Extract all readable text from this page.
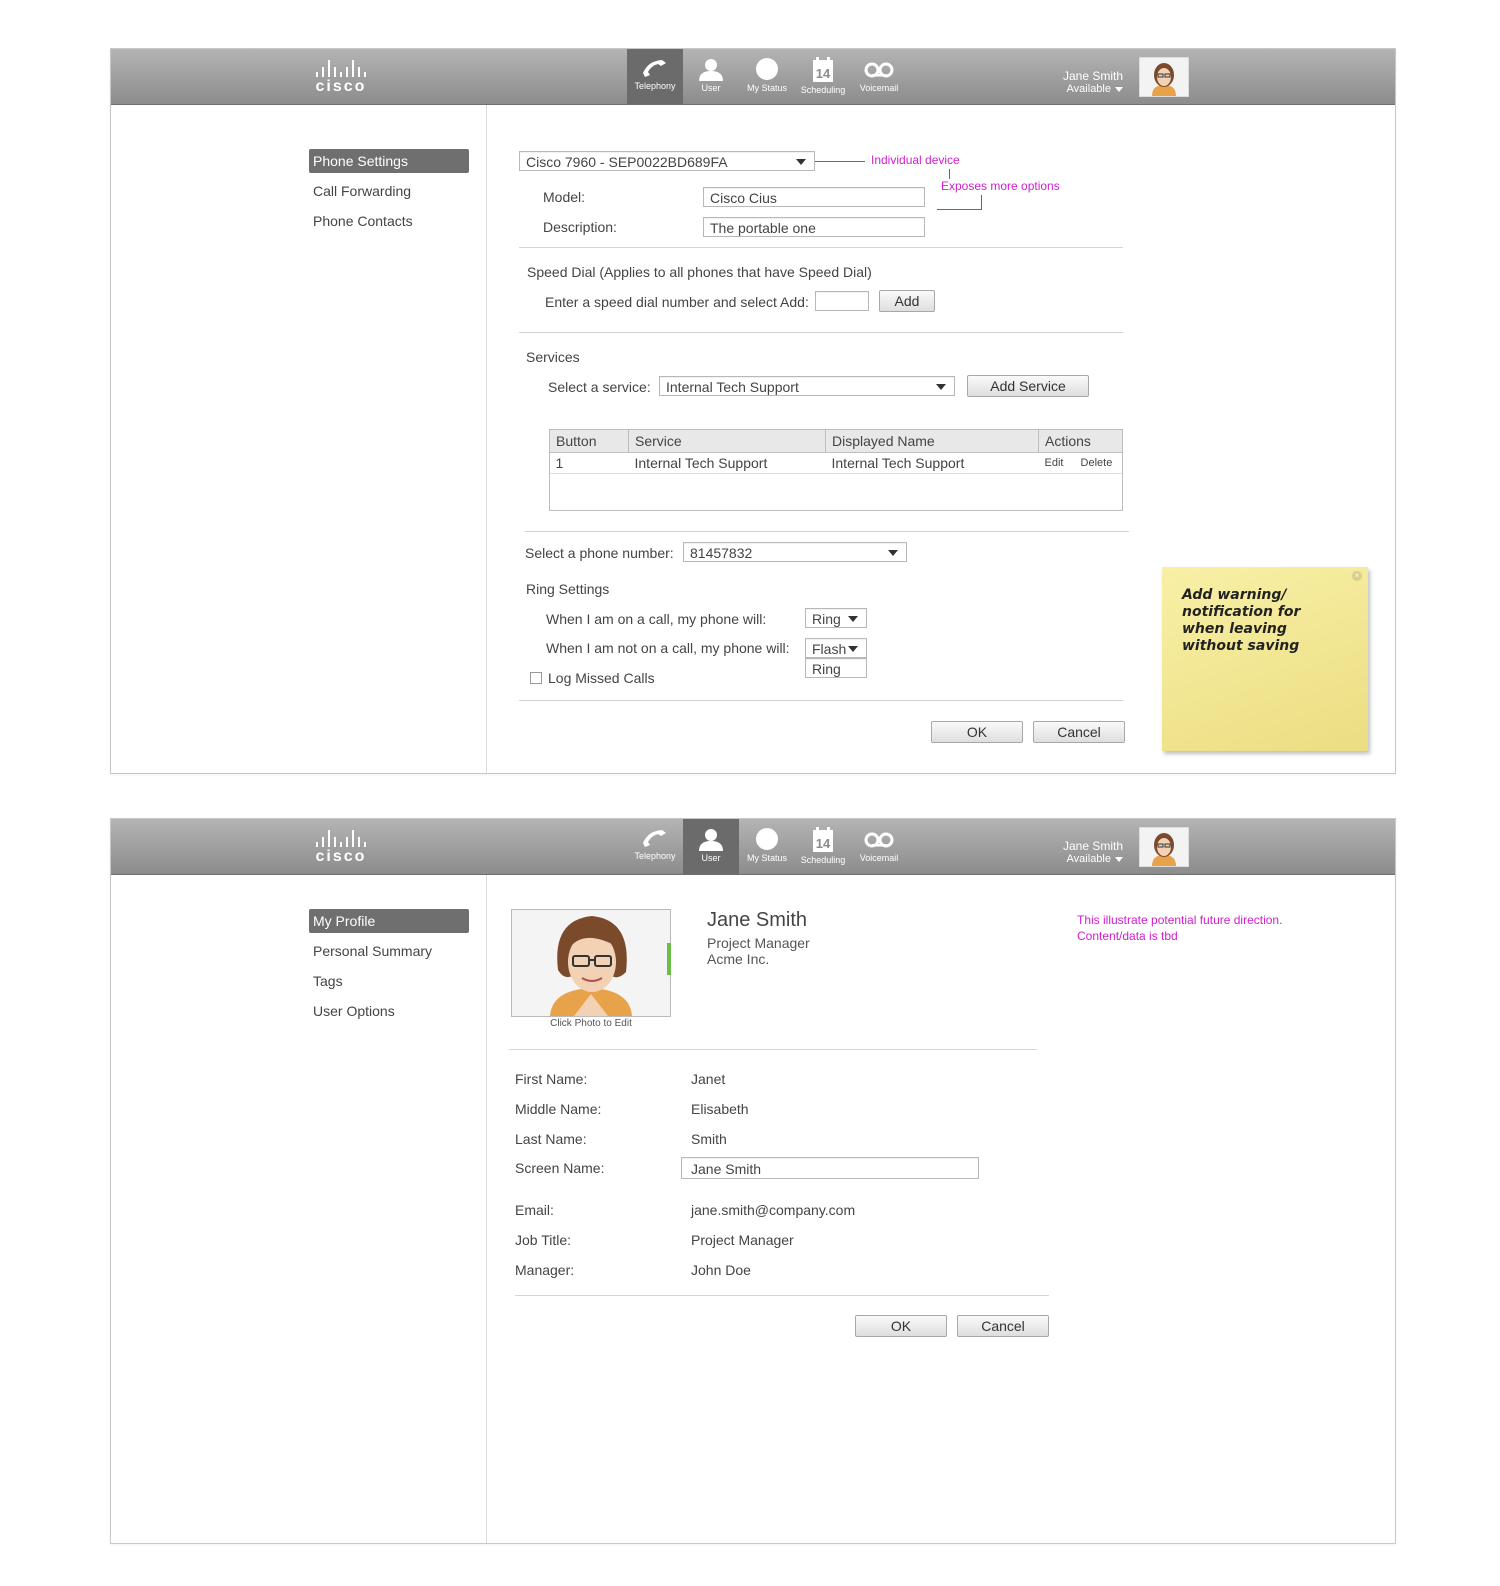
cisco	Telephony	User	My Status
14
Scheduling	Voicemail
Jane Smith
Available
Phone Settings
Call Forwarding
Phone Contacts
Cisco 7960 - SEP0022BD689FA	Individual device
Exposes more options
Model:	Cisco Cius
Description:	The portable one
Speed Dial (Applies to all phones that have Speed Dial)
Enter a speed dial number and select Add:	Add
Services
Select a service:	Internal Tech Support	Add Service
Button	Service	Displayed Name	Actions
1	Internal Tech Support	Internal Tech Support	Edit Delete
Select a phone number:	81457832
Ring Settings
When I am on a call, my phone will:	Ring
When I am not on a call, my phone will:	Flash
Ring
Log Missed Calls
OK	Cancel
×
Add warning/ notification for when leaving without saving
cisco	Telephony	User	My Status
14
Scheduling	Voicemail
Jane Smith
Available
My Profile
Personal Summary
Tags
User Options
Click Photo to Edit
Jane Smith
Project Manager
Acme Inc.
This illustrate potential future direction.
Content/data is tbd
First Name:	Janet
Middle Name:	Elisabeth
Last Name:	Smith
Screen Name:	Jane Smith
Email:	jane.smith@company.com
Job Title:	Project Manager
Manager:	John Doe
OK	Cancel
